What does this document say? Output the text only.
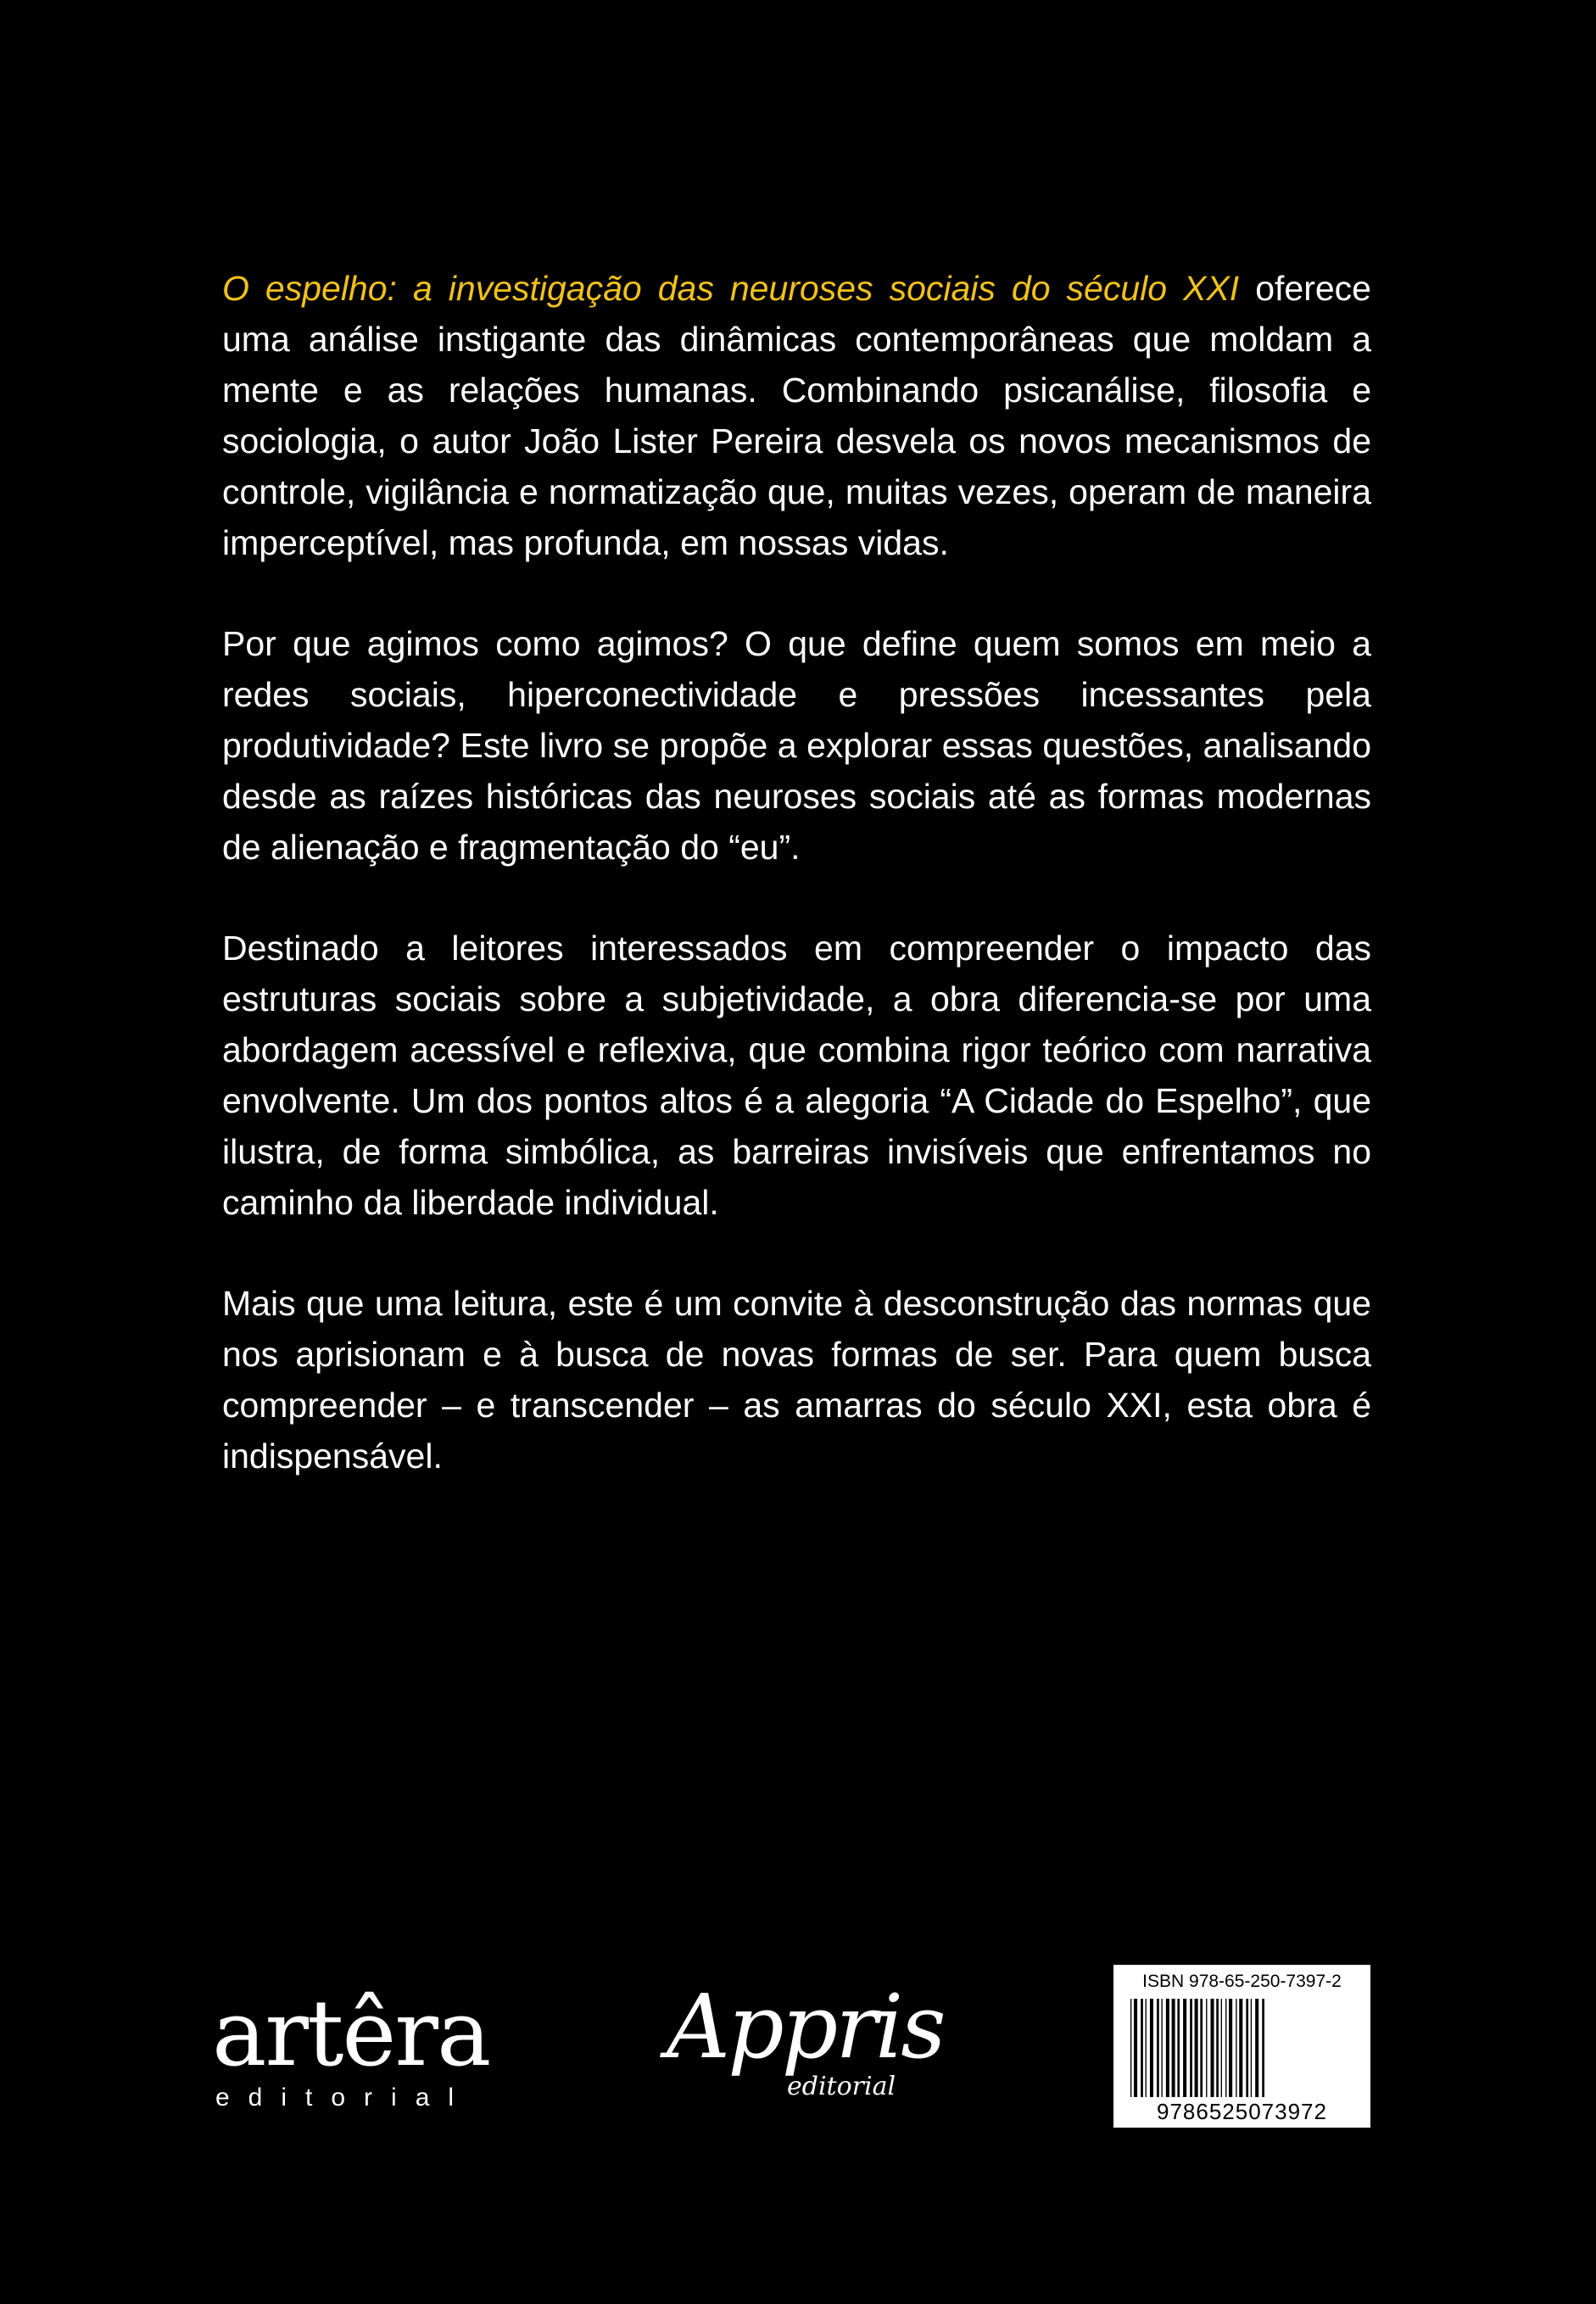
O espelho: a investigação das neuroses sociais do século XXI oferece uma análise instigante das dinâmicas contemporâneas que moldam a mente e as relações humanas. Combinando psicanálise, filosofia e sociologia, o autor João Lister Pereira desvela os novos mecanismos de controle, vigilância e normatização que, muitas vezes, operam de maneira imperceptível, mas profunda, em nossas vidas.

Por que agimos como agimos? O que define quem somos em meio a redes sociais, hiperconectividade e pressões incessantes pela produtividade? Este livro se propõe a explorar essas questões, analisando desde as raízes históricas das neuroses sociais até as formas modernas de alienação e fragmentação do “eu”.

Destinado a leitores interessados em compreender o impacto das estruturas sociais sobre a subjetividade, a obra diferencia-se por uma abordagem acessível e reflexiva, que combina rigor teórico com narrativa envolvente. Um dos pontos altos é a alegoria “A Cidade do Espelho”, que ilustra, de forma simbólica, as barreiras invisíveis que enfrentamos no caminho da liberdade individual.

Mais que uma leitura, este é um convite à desconstrução das normas que nos aprisionam e à busca de novas formas de ser. Para quem busca compreender – e transcender – as amarras do século XXI, esta obra é indispensável.

artêra
editorial
Appris
editorial
ISBN 978-65-250-7397-2
9786525073972
